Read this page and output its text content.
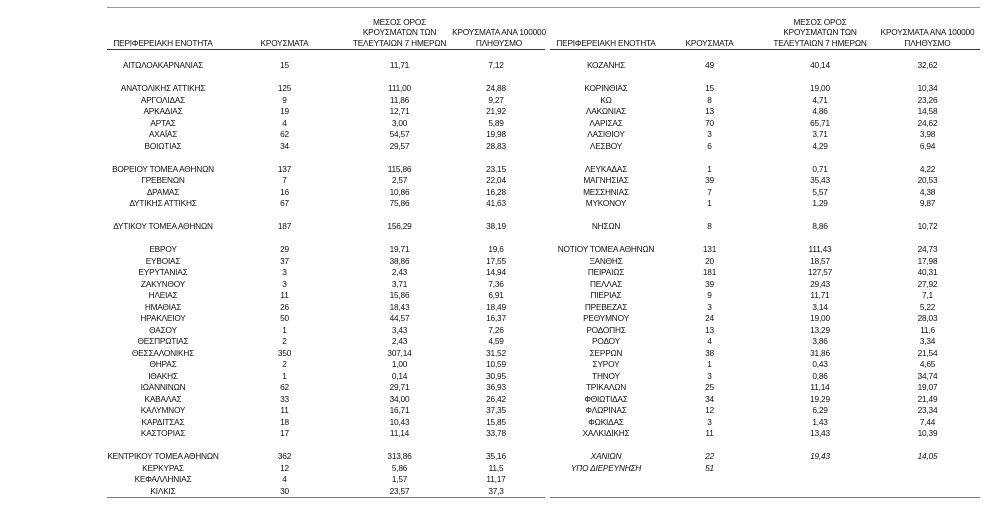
ΠΕΡΙΦΕΡΕΙΑΚΗ ΕΝΟΤΗΤΑ	ΚΡΟΥΣΜΑΤΑ
ΜΕΣΟΣ ΟΡΟΣ
ΚΡΟΥΣΜΑΤΩΝ ΤΩΝ
ΤΕΛΕΥΤΑΙΩΝ 7 ΗΜΕΡΩΝ
ΚΡΟΥΣΜΑΤΑ ΑΝΑ 100000
ΠΛΗΘΥΣΜΟ
ΑΙΤΩΛΟΑΚΑΡΝΑΝΙΑΣ	15	11,71	7,12
ΑΝΑΤΟΛΙΚΗΣ ΑΤΤΙΚΗΣ	125	111,00	24,88
ΑΡΓΟΛΙΔΑΣ	9	11,86	9,27
ΑΡΚΑΔΙΑΣ	19	12,71	21,92
ΑΡΤΑΣ	4	3,00	5,89
ΑΧΑΪΑΣ	62	54,57	19,98
ΒΟΙΩΤΙΑΣ	34	29,57	28,83
ΒΟΡΕΙΟΥ ΤΟΜΕΑ ΑΘΗΝΩΝ	137	115,86	23,15
ΓΡΕΒΕΝΩΝ	7	2,57	22,04
ΔΡΑΜΑΣ	16	10,86	16,28
ΔΥΤΙΚΗΣ ΑΤΤΙΚΗΣ	67	75,86	41,63
ΔΥΤΙΚΟΥ ΤΟΜΕΑ ΑΘΗΝΩΝ	187	156,29	38,19
ΕΒΡΟΥ	29	19,71	19,6
ΕΥΒΟΙΑΣ	37	38,86	17,55
ΕΥΡΥΤΑΝΙΑΣ	3	2,43	14,94
ΖΑΚΥΝΘΟΥ	3	3,71	7,36
ΗΛΕΙΑΣ	11	15,86	6,91
ΗΜΑΘΙΑΣ	26	18,43	18,49
ΗΡΑΚΛΕΙΟΥ	50	44,57	16,37
ΘΑΣΟΥ	1	3,43	7,26
ΘΕΣΠΡΩΤΙΑΣ	2	2,43	4,59
ΘΕΣΣΑΛΟΝΙΚΗΣ	350	307,14	31,52
ΘΗΡΑΣ	2	1,00	10,59
ΙΘΑΚΗΣ	1	0,14	30,95
ΙΩΑΝΝΙΝΩΝ	62	29,71	36,93
ΚΑΒΑΛΑΣ	33	34,00	26,42
ΚΑΛΥΜΝΟΥ	11	16,71	37,35
ΚΑΡΔΙΤΣΑΣ	18	10,43	15,85
ΚΑΣΤΟΡΙΑΣ	17	11,14	33,78
ΚΕΝΤΡΙΚΟΥ ΤΟΜΕΑ ΑΘΗΝΩΝ	362	313,86	35,16
ΚΕΡΚΥΡΑΣ	12	5,86	11,5
ΚΕΦΑΛΛΗΝΙΑΣ	4	1,57	11,17
ΚΙΛΚΙΣ	30	23,57	37,3
ΠΕΡΙΦΕΡΕΙΑΚΗ ΕΝΟΤΗΤΑ	ΚΡΟΥΣΜΑΤΑ
ΜΕΣΟΣ ΟΡΟΣ
ΚΡΟΥΣΜΑΤΩΝ ΤΩΝ
ΤΕΛΕΥΤΑΙΩΝ 7 ΗΜΕΡΩΝ
ΚΡΟΥΣΜΑΤΑ ΑΝΑ 100000
ΠΛΗΘΥΣΜΟ
ΚΟΖΑΝΗΣ	49	40,14	32,62
ΚΟΡΙΝΘΙΑΣ	15	19,00	10,34
ΚΩ	8	4,71	23,26
ΛΑΚΩΝΙΑΣ	13	4,86	14,58
ΛΑΡΙΣΑΣ	70	65,71	24,62
ΛΑΣΙΘΙΟΥ	3	3,71	3,98
ΛΕΣΒΟΥ	6	4,29	6,94
ΛΕΥΚΑΔΑΣ	1	0,71	4,22
ΜΑΓΝΗΣΙΑΣ	39	35,43	20,53
ΜΕΣΣΗΝΙΑΣ	7	5,57	4,38
ΜΥΚΟΝΟΥ	1	1,29	9,87
ΝΗΣΩΝ	8	8,86	10,72
ΝΟΤΙΟΥ ΤΟΜΕΑ ΑΘΗΝΩΝ	131	111,43	24,73
ΞΑΝΘΗΣ	20	18,57	17,98
ΠΕΙΡΑΙΩΣ	181	127,57	40,31
ΠΕΛΛΑΣ	39	29,43	27,92
ΠΙΕΡΙΑΣ	9	11,71	7,1
ΠΡΕΒΕΖΑΣ	3	3,14	5,22
ΡΕΘΥΜΝΟΥ	24	19,00	28,03
ΡΟΔΟΠΗΣ	13	13,29	11,6
ΡΟΔΟΥ	4	3,86	3,34
ΣΕΡΡΩΝ	38	31,86	21,54
ΣΥΡΟΥ	1	0,43	4,65
ΤΗΝΟΥ	3	0,86	34,74
ΤΡΙΚΑΛΩΝ	25	11,14	19,07
ΦΘΙΩΤΙΔΑΣ	34	19,29	21,49
ΦΛΩΡΙΝΑΣ	12	6,29	23,34
ΦΩΚΙΔΑΣ	3	1,43	7,44
ΧΑΛΚΙΔΙΚΗΣ	11	13,43	10,39
ΧΑΝΙΩΝ	22	19,43	14,05
ΥΠΟ ΔΙΕΡΕΥΝΗΣΗ	51
